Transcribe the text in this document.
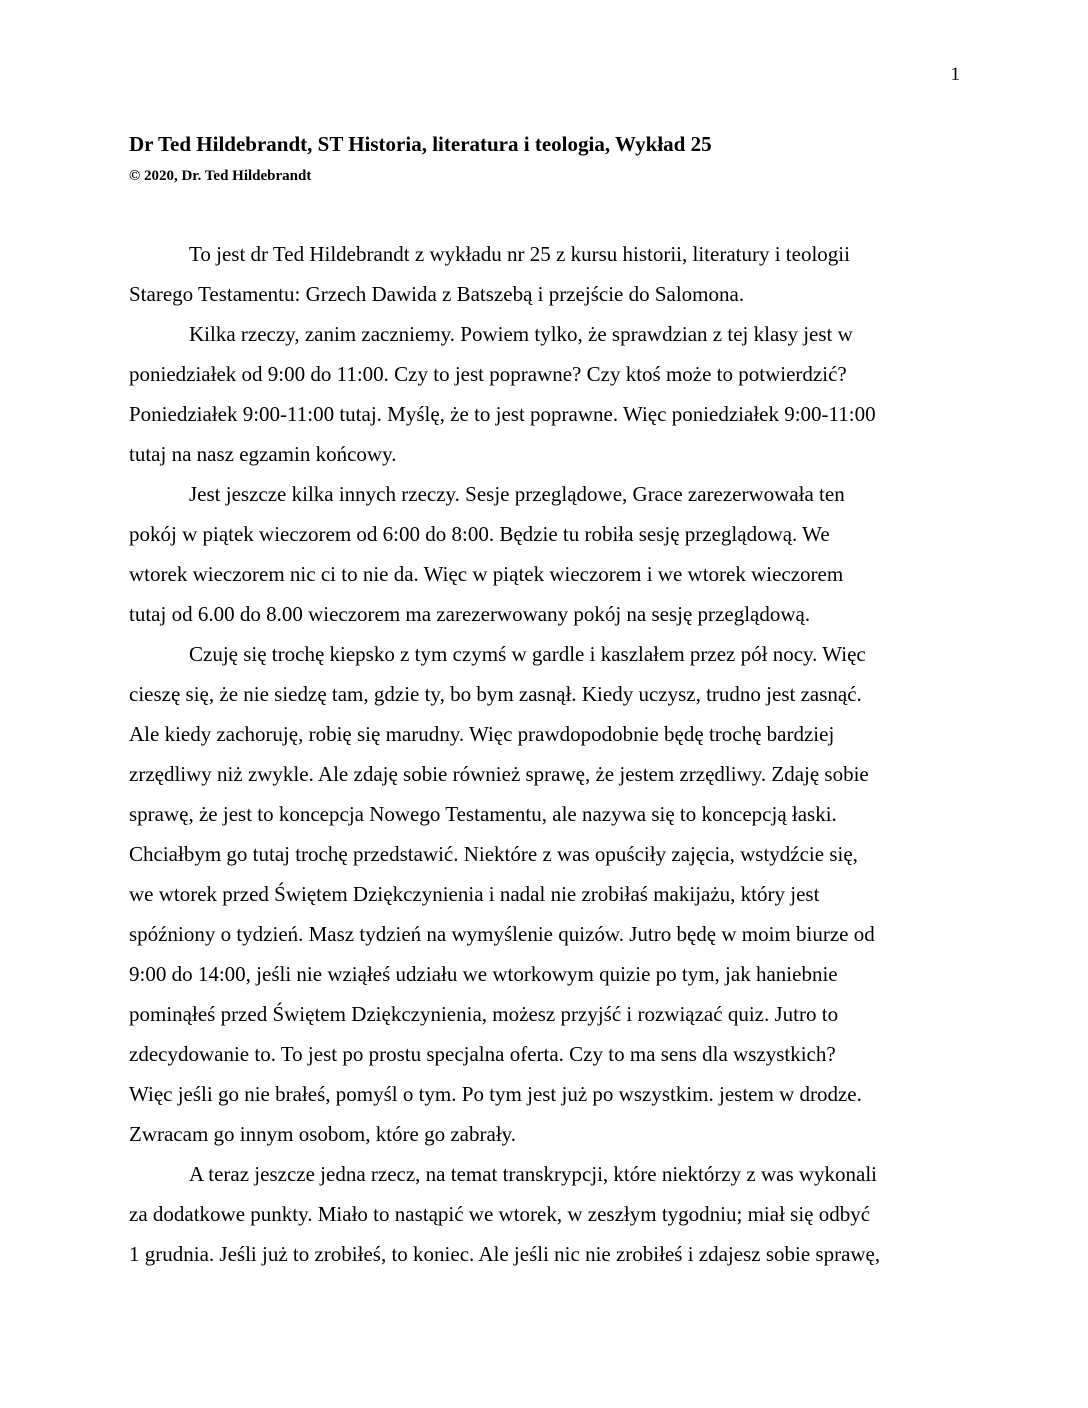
1
Dr Ted Hildebrandt, ST Historia, literatura i teologia, Wykład 25
© 2020, Dr. Ted Hildebrandt

To jest dr Ted Hildebrandt z wykładu nr 25 z kursu historii, literatury i teologii
Starego Testamentu: Grzech Dawida z Batszebą i przejście do Salomona.

Kilka rzeczy, zanim zaczniemy. Powiem tylko, że sprawdzian z tej klasy jest w
poniedziałek od 9:00 do 11:00. Czy to jest poprawne? Czy ktoś może to potwierdzić?
Poniedziałek 9:00-11:00 tutaj. Myślę, że to jest poprawne. Więc poniedziałek 9:00-11:00
tutaj na nasz egzamin końcowy.

Jest jeszcze kilka innych rzeczy. Sesje przeglądowe, Grace zarezerwowała ten
pokój w piątek wieczorem od 6:00 do 8:00. Będzie tu robiła sesję przeglądową. We
wtorek wieczorem nic ci to nie da. Więc w piątek wieczorem i we wtorek wieczorem
tutaj od 6.00 do 8.00 wieczorem ma zarezerwowany pokój na sesję przeglądową.

Czuję się trochę kiepsko z tym czymś w gardle i kaszlałem przez pół nocy. Więc
cieszę się, że nie siedzę tam, gdzie ty, bo bym zasnął. Kiedy uczysz, trudno jest zasnąć.
Ale kiedy zachoruję, robię się marudny. Więc prawdopodobnie będę trochę bardziej
zrzędliwy niż zwykle. Ale zdaję sobie również sprawę, że jestem zrzędliwy. Zdaję sobie
sprawę, że jest to koncepcja Nowego Testamentu, ale nazywa się to koncepcją łaski.
Chciałbym go tutaj trochę przedstawić. Niektóre z was opuściły zajęcia, wstydźcie się,
we wtorek przed Świętem Dziękczynienia i nadal nie zrobiłaś makijażu, który jest
spóźniony o tydzień. Masz tydzień na wymyślenie quizów. Jutro będę w moim biurze od
9:00 do 14:00, jeśli nie wziąłeś udziału we wtorkowym quizie po tym, jak haniebnie
pominąłeś przed Świętem Dziękczynienia, możesz przyjść i rozwiązać quiz. Jutro to
zdecydowanie to. To jest po prostu specjalna oferta. Czy to ma sens dla wszystkich?
Więc jeśli go nie brałeś, pomyśl o tym. Po tym jest już po wszystkim. jestem w drodze.
Zwracam go innym osobom, które go zabrały.

A teraz jeszcze jedna rzecz, na temat transkrypcji, które niektórzy z was wykonali
za dodatkowe punkty. Miało to nastąpić we wtorek, w zeszłym tygodniu; miał się odbyć
1 grudnia. Jeśli już to zrobiłeś, to koniec. Ale jeśli nic nie zrobiłeś i zdajesz sobie sprawę,
